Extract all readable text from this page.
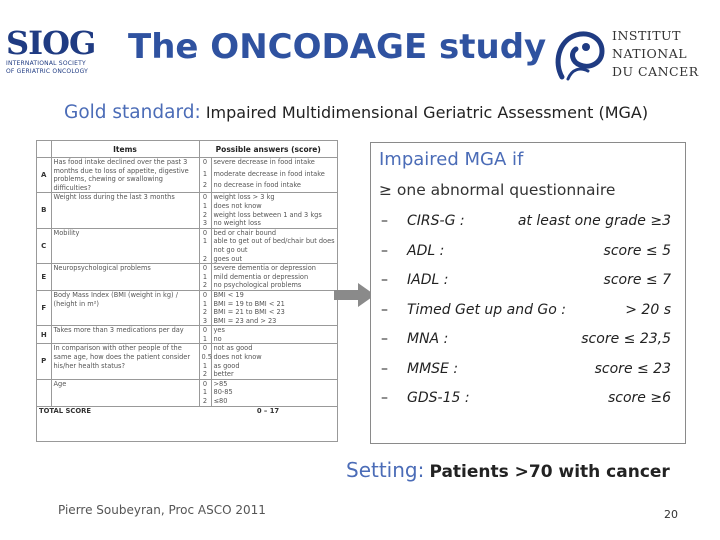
SIOG
INTERNATIONAL SOCIETY
OF GERIATRIC ONCOLOGY
The ONCODAGE study	INSTITUT
NATIONAL
DU CANCER
Gold standard: Impaired Multidimensional Geriatric Assessment (MGA)
	Items	Possible answers (score)	
A	Has food intake declined over the past 3 months due to loss of appetite, digestive problems, chewing or swallowing difficulties?	0	severe decrease in food intake
		1	moderate decrease in food intake
		2	no decrease in food intake
B	Weight loss during the last 3 months	0	weight loss > 3 kg
		1	does not know
		2	weight loss between 1 and 3 kgs
		3	no weight loss
C	Mobility	0	bed or chair bound
		1	able to get out of bed/chair but does not go out
		2	goes out
E	Neuropsychological problems	0	severe dementia or depression
		1	mild dementia or depression
		2	no psychological problems
F	Body Mass Index (BMI (weight in kg) / (height in m²)	0	BMI < 19
		1	BMI = 19 to BMI < 21
		2	BMI = 21 to BMI < 23
		3	BMI = 23 and > 23
H	Takes more than 3 medications per day	0	yes
		1	no
P	In comparison with other people of the same age, how does the patient consider his/her health status?	0	not as good
		0.5	does not know
		1	as good
		2	better
	Age	0	>85
		1	80-85
		2	≤80
TOTAL SCORE		0 – 17	
Impaired MGA if
≥ one abnormal questionnaire
– CIRS-G :	at least one grade ≥3
– ADL :	score ≤ 5
– IADL :	score ≤ 7
– Timed Get up and Go :	> 20 s
– MNA :	score ≤ 23,5
– MMSE :	score ≤ 23
– GDS-15 :	score ≥6
Setting: Patients >70 with cancer
Pierre Soubeyran, Proc ASCO 2011	20
